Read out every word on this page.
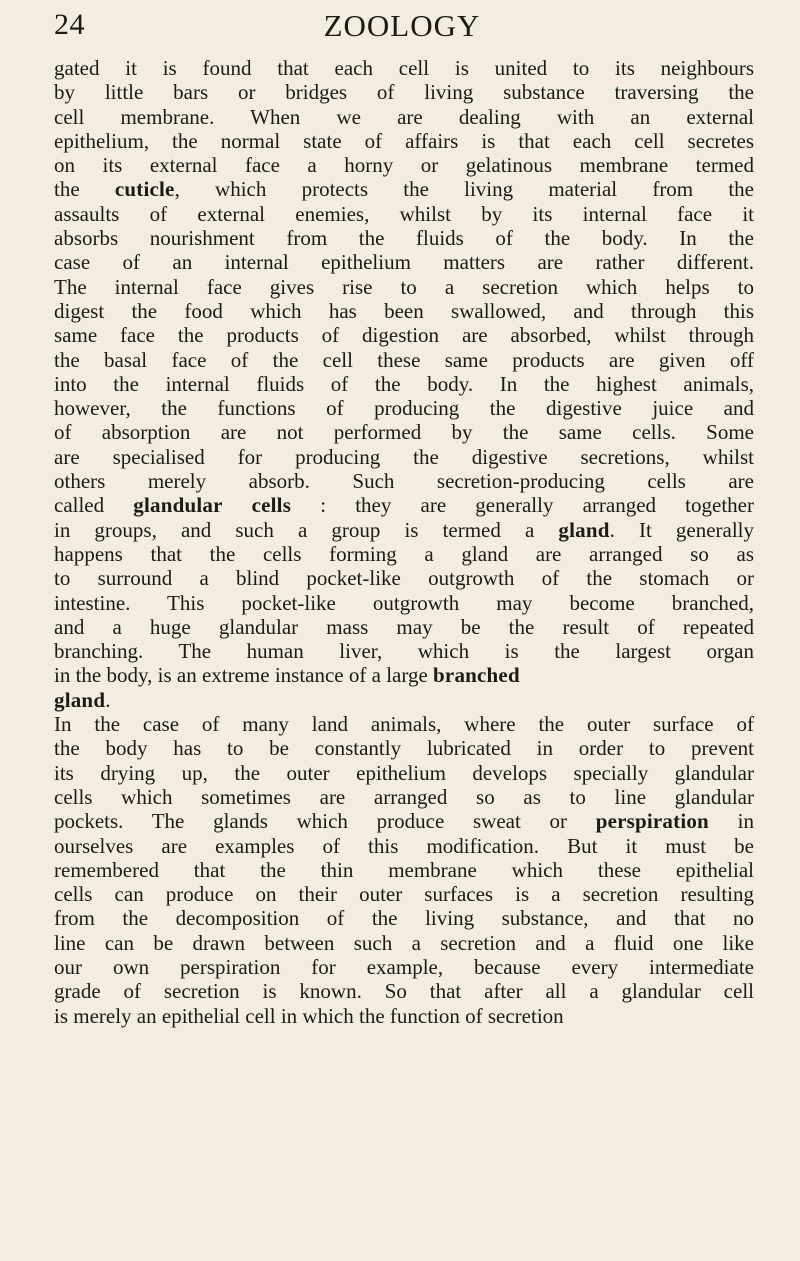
24	ZOOLOGY
gated it is found that each cell is united to its neighbours
by little bars or bridges of living substance traversing the
cell membrane. When we are dealing with an external
epithelium, the normal state of affairs is that each cell secretes
on its external face a horny or gelatinous membrane termed
the cuticle, which protects the living material from the
assaults of external enemies, whilst by its internal face it
absorbs nourishment from the fluids of the body. In the
case of an internal epithelium matters are rather different.
The internal face gives rise to a secretion which helps to
digest the food which has been swallowed, and through this
same face the products of digestion are absorbed, whilst through
the basal face of the cell these same products are given off
into the internal fluids of the body. In the highest animals,
however, the functions of producing the digestive juice and
of absorption are not performed by the same cells. Some
are specialised for producing the digestive secretions, whilst
others merely absorb. Such secretion-producing cells are
called glandular cells : they are generally arranged together
in groups, and such a group is termed a gland. It generally
happens that the cells forming a gland are arranged so as
to surround a blind pocket-like outgrowth of the stomach or
intestine. This pocket-like outgrowth may become branched,
and a huge glandular mass may be the result of repeated
branching. The human liver, which is the largest organ
in the body, is an extreme instance of a large branched
gland.
In the case of many land animals, where the outer surface of
the body has to be constantly lubricated in order to prevent
its drying up, the outer epithelium develops specially glandular
cells which sometimes are arranged so as to line glandular
pockets. The glands which produce sweat or perspiration in
ourselves are examples of this modification. But it must be
remembered that the thin membrane which these epithelial
cells can produce on their outer surfaces is a secretion resulting
from the decomposition of the living substance, and that no
line can be drawn between such a secretion and a fluid one like
our own perspiration for example, because every intermediate
grade of secretion is known. So that after all a glandular cell
is merely an epithelial cell in which the function of secretion
